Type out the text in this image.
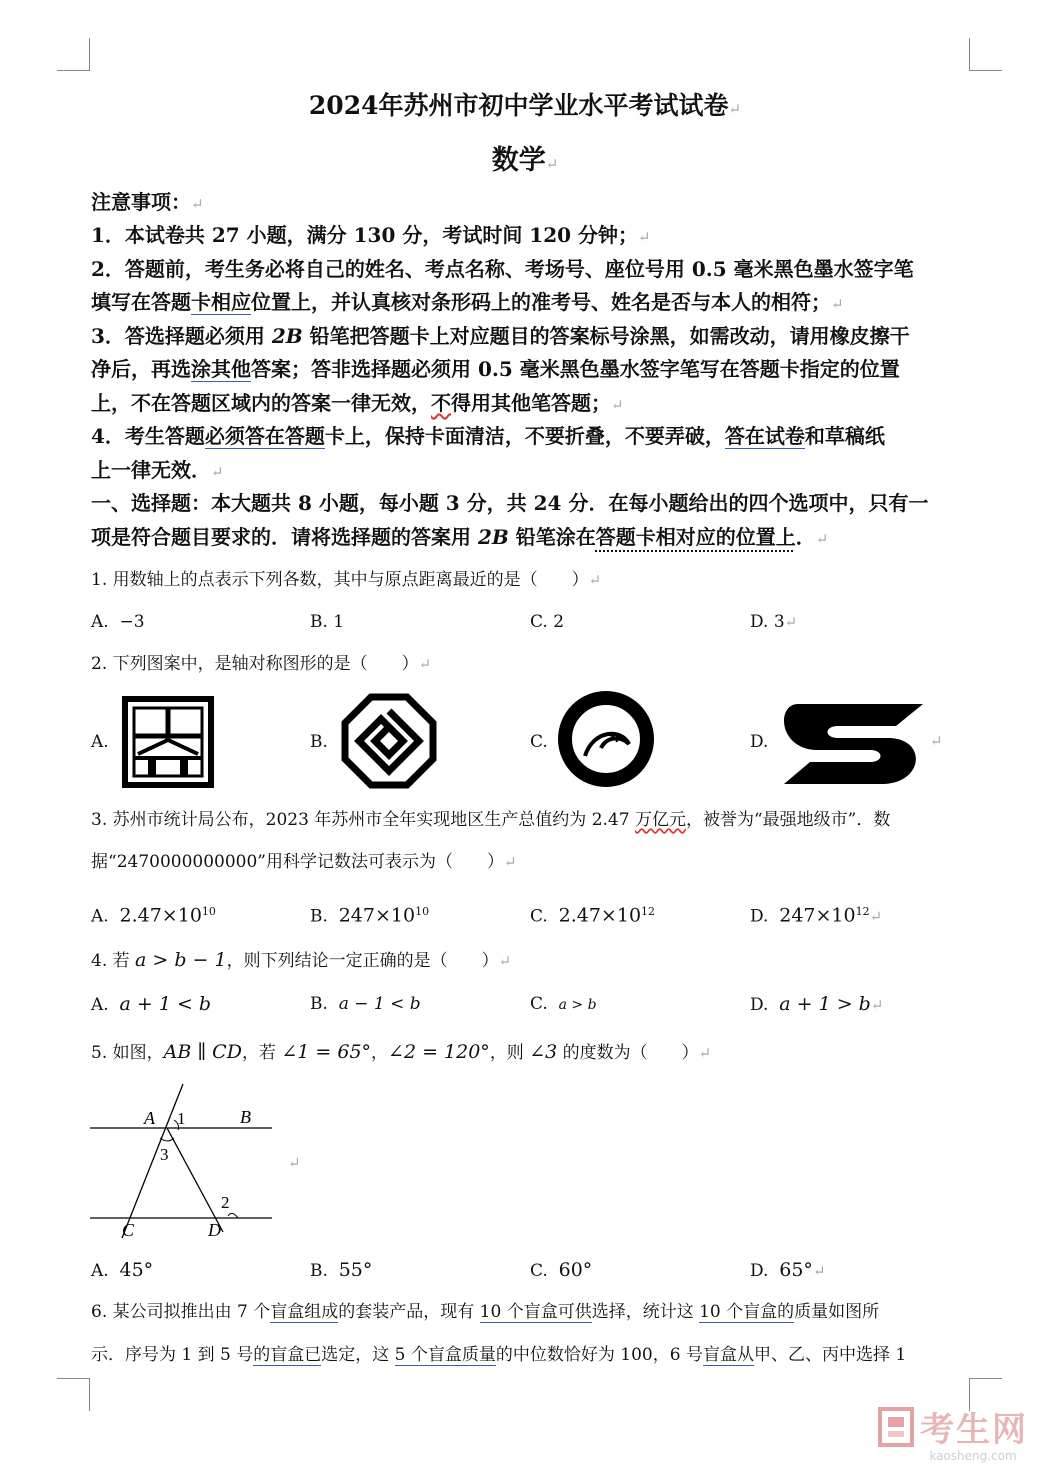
2024年苏州市初中学业水平考试试卷↵
数学↵
注意事项：↵
1．本试卷共 27 小题，满分 130 分，考试时间 120 分钟；↵
2．答题前，考生务必将自己的姓名、考点名称、考场号、座位号用 0.5 毫米黑色墨水签字笔
填写在答题卡相应位置上，并认真核对条形码上的准考号、姓名是否与本人的相符；↵
3．答选择题必须用 2B 铅笔把答题卡上对应题目的答案标号涂黑，如需改动，请用橡皮擦干
净后，再选涂其他答案；答非选择题必须用 0.5 毫米黑色墨水签字笔写在答题卡指定的位置
上，不在答题区域内的答案一律无效，不得用其他笔答题；↵
4．考生答题必须答在答题卡上，保持卡面清洁，不要折叠，不要弄破，答在试卷和草稿纸
上一律无效．↵
一、选择题：本大题共 8 小题，每小题 3 分，共 24 分．在每小题给出的四个选项中，只有一
项是符合题目要求的．请将选择题的答案用 2B 铅笔涂在答题卡相对应的位置上．↵
1. 用数轴上的点表示下列各数，其中与原点距离最近的是（　　）↵
A. −3	B. 1	C. 2	D. 3↵
2. 下列图案中，是轴对称图形的是（　　）↵
A.	B.	C.	D.	↵
3. 苏州市统计局公布，2023 年苏州市全年实现地区生产总值约为 2.47 万亿元，被誉为“最强地级市”．数
据“2470000000000”用科学记数法可表示为（　　）↵
A. $2.47\times 10^{10}$	B. $247\times 10^{10}$	C. $2.47\times 10^{12}$	D. $247\times 10^{12}↵$
4. 若 a > b − 1，则下列结论一定正确的是（　　）↵
A. a + 1 < b	B. a − 1 < b	C. a > b	D. a + 1 > b↵
5. 如图，AB ∥ CD，若 ∠1 = 65°，∠2 = 120°，则 ∠3 的度数为（　　）↵
A 1	B
3
2
C	D
↵
A. 45°	B. 55°	C. 60°	D. 65°↵
6. 某公司拟推出由 7 个盲盒组成的套装产品，现有 10 个盲盒可供选择，统计这 10 个盲盒的质量如图所
示．序号为 1 到 5 号的盲盒已选定，这 5 个盲盒质量的中位数恰好为 100，6 号盲盒从甲、乙、丙中选择 1
考生网
kaosheng.com
